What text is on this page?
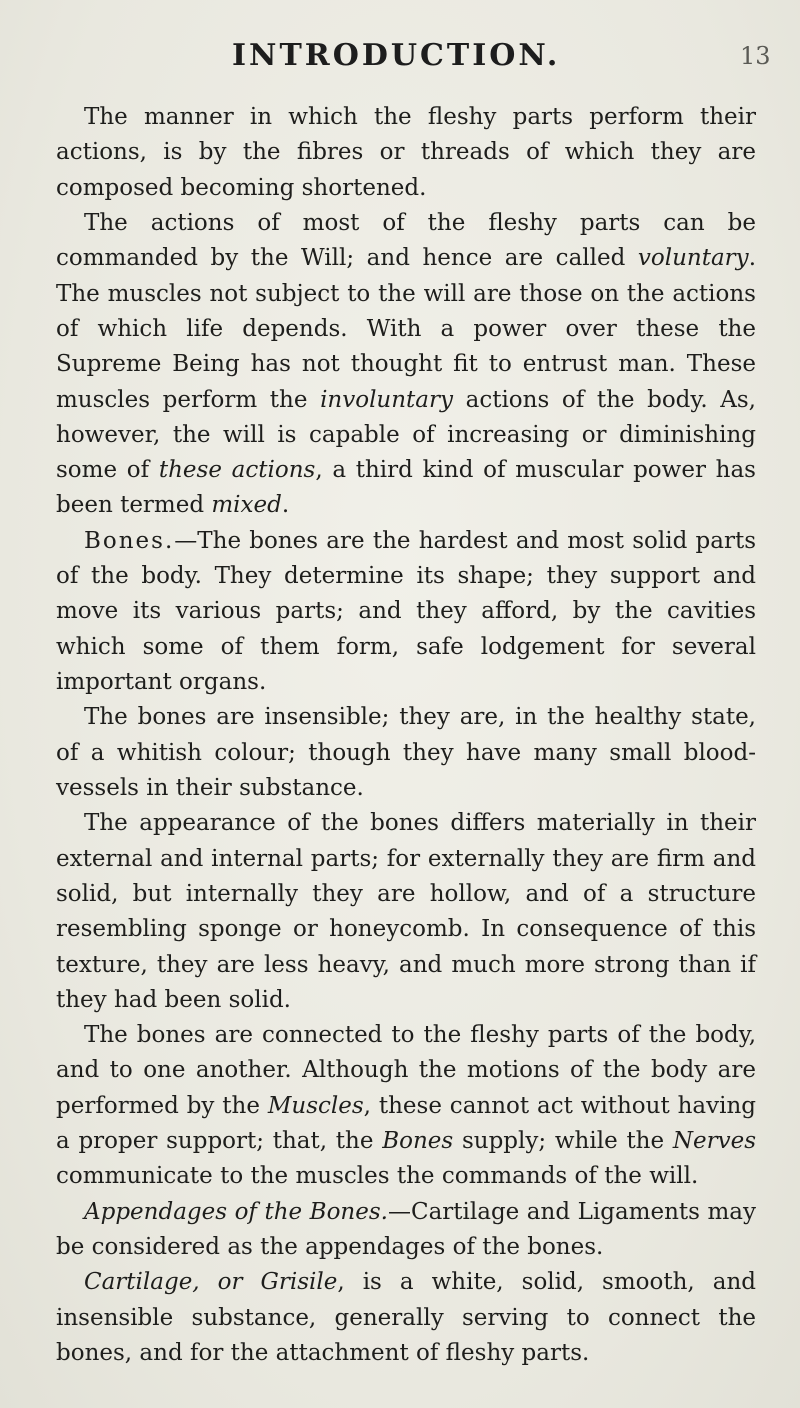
INTRODUCTION.	13

The manner in which the fleshy parts perform their actions, is by the fibres or threads of which they are composed becoming shortened.

The actions of most of the fleshy parts can be commanded by the Will; and hence are called voluntary. The muscles not subject to the will are those on the actions of which life depends. With a power over these the Supreme Being has not thought fit to entrust man. These muscles perform the involuntary actions of the body. As, however, the will is capable of increasing or diminishing some of these actions, a third kind of muscular power has been termed mixed.

Bones.—The bones are the hardest and most solid parts of the body. They determine its shape; they support and move its various parts; and they afford, by the cavities which some of them form, safe lodgement for several important organs.

The bones are insensible; they are, in the healthy state, of a whitish colour; though they have many small blood-vessels in their substance.

The appearance of the bones differs materially in their external and internal parts; for externally they are firm and solid, but internally they are hollow, and of a structure resembling sponge or honeycomb. In consequence of this texture, they are less heavy, and much more strong than if they had been solid.

The bones are connected to the fleshy parts of the body, and to one another. Although the motions of the body are performed by the Muscles, these cannot act without having a proper support; that, the Bones supply; while the Nerves communicate to the muscles the commands of the will.

Appendages of the Bones.—Cartilage and Ligaments may be considered as the appendages of the bones.

Cartilage, or Grisile, is a white, solid, smooth, and insensible substance, generally serving to connect the bones, and for the attachment of fleshy parts.
